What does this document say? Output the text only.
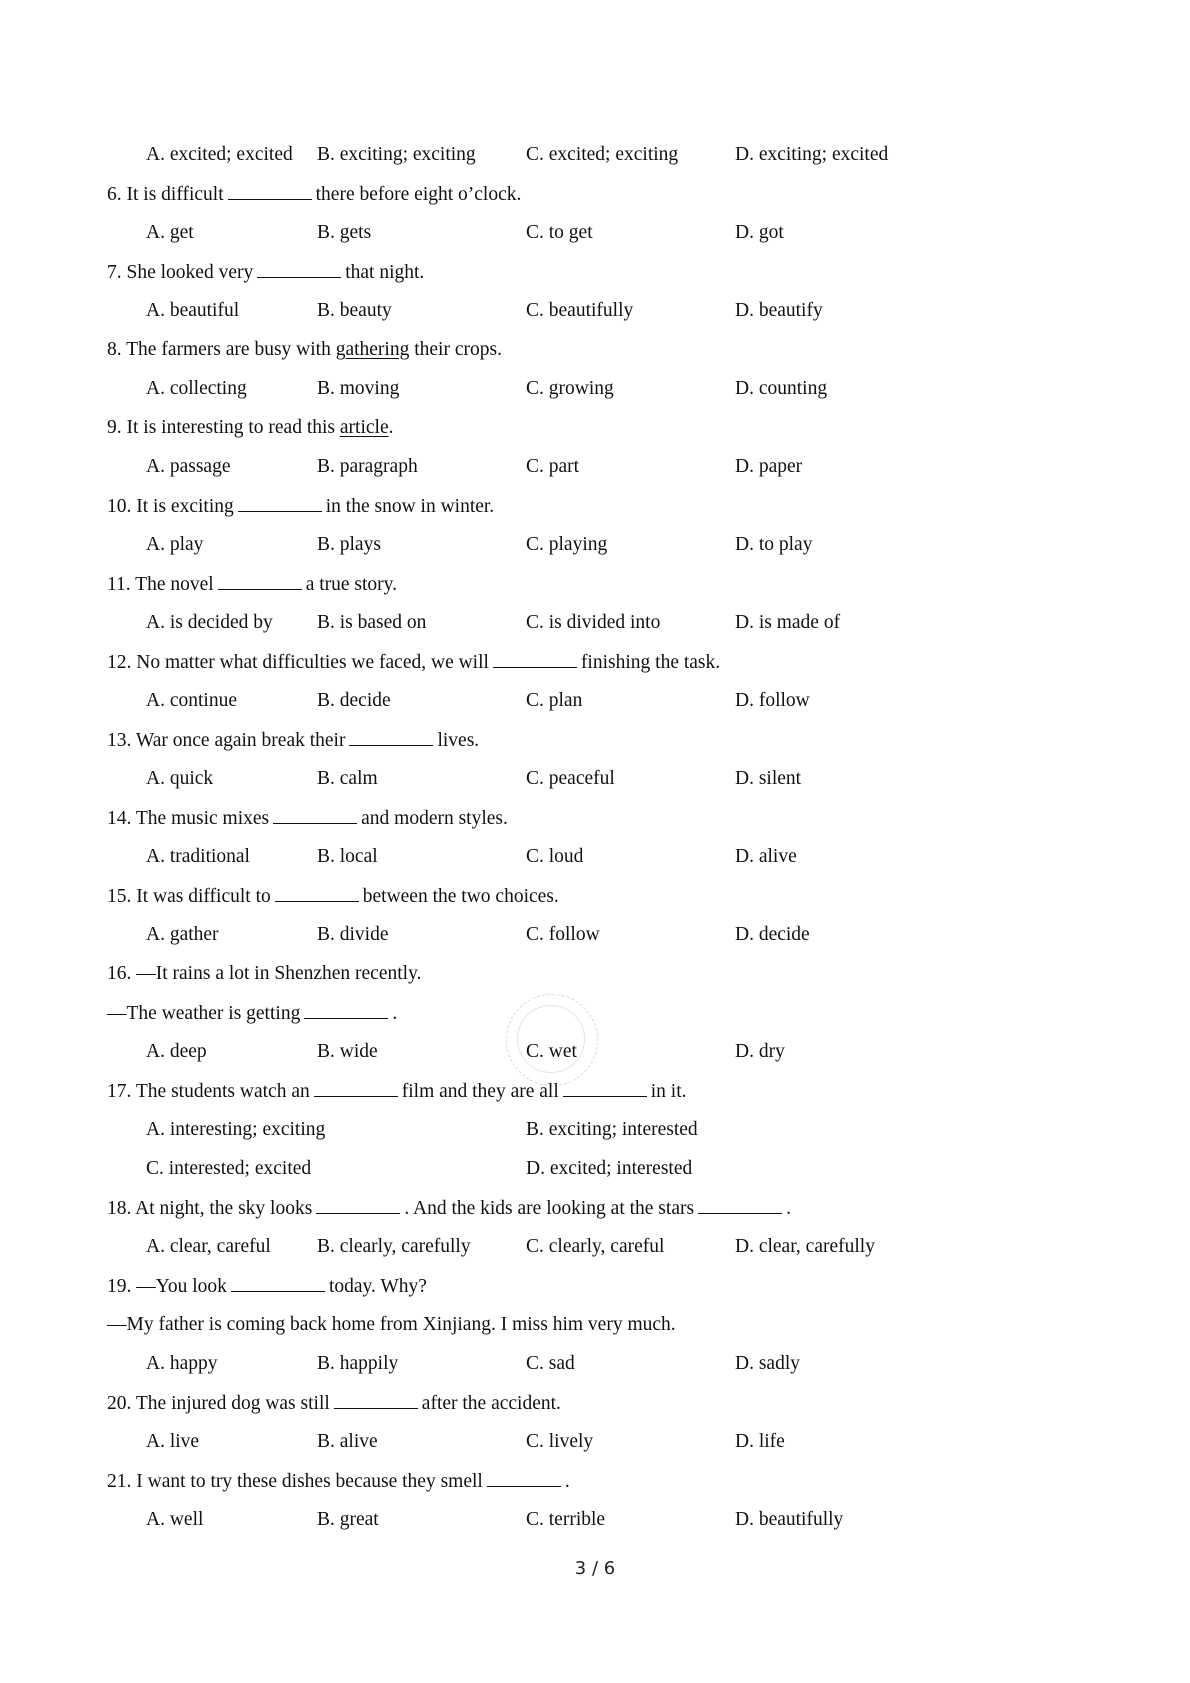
A. excited; excited B. exciting; exciting	C. excited; exciting	D. exciting; excited
6. It is difficult	there before eight o’clock.
A. get	B. gets	C. to get	D. got
7. She looked very	that night.
A. beautiful	B. beauty	C. beautifully	D. beautify
8. The farmers are busy with gathering their crops.
A. collecting	B. moving	C. growing	D. counting
9. It is interesting to read this article.
A. passage	B. paragraph	C. part	D. paper
10. It is exciting	in the snow in winter.
A. play	B. plays	C. playing	D. to play
11. The novel	a true story.
A. is decided by B. is based on	C. is divided into	D. is made of
12. No matter what difficulties we faced, we will	finishing the task.
A. continue	B. decide	C. plan	D. follow
13. War once again break their	lives.
A. quick	B. calm	C. peaceful	D. silent
14. The music mixes	and modern styles.
A. traditional	B. local	C. loud	D. alive
15. It was difficult to	between the two choices.
A. gather	B. divide	C. follow	D. decide
16. —It rains a lot in Shenzhen recently.
—The weather is getting	.
A. deep	B. wide	C. wet	D. dry
17. The students watch an	film and they are all	in it.
A. interesting; exciting	B. exciting; interested
C. interested; excited	D. excited; interested
18. At night, the sky looks	. And the kids are looking at the stars	.
A. clear, careful B. clearly, carefully	C. clearly, careful	D. clear, carefully
19. —You look	today. Why?
—My father is coming back home from Xinjiang. I miss him very much.
A. happy	B. happily	C. sad	D. sadly
20. The injured dog was still	after the accident.
A. live	B. alive	C. lively	D. life
21. I want to try these dishes because they smell	.
A. well	B. great	C. terrible	D. beautifully
3 / 6
